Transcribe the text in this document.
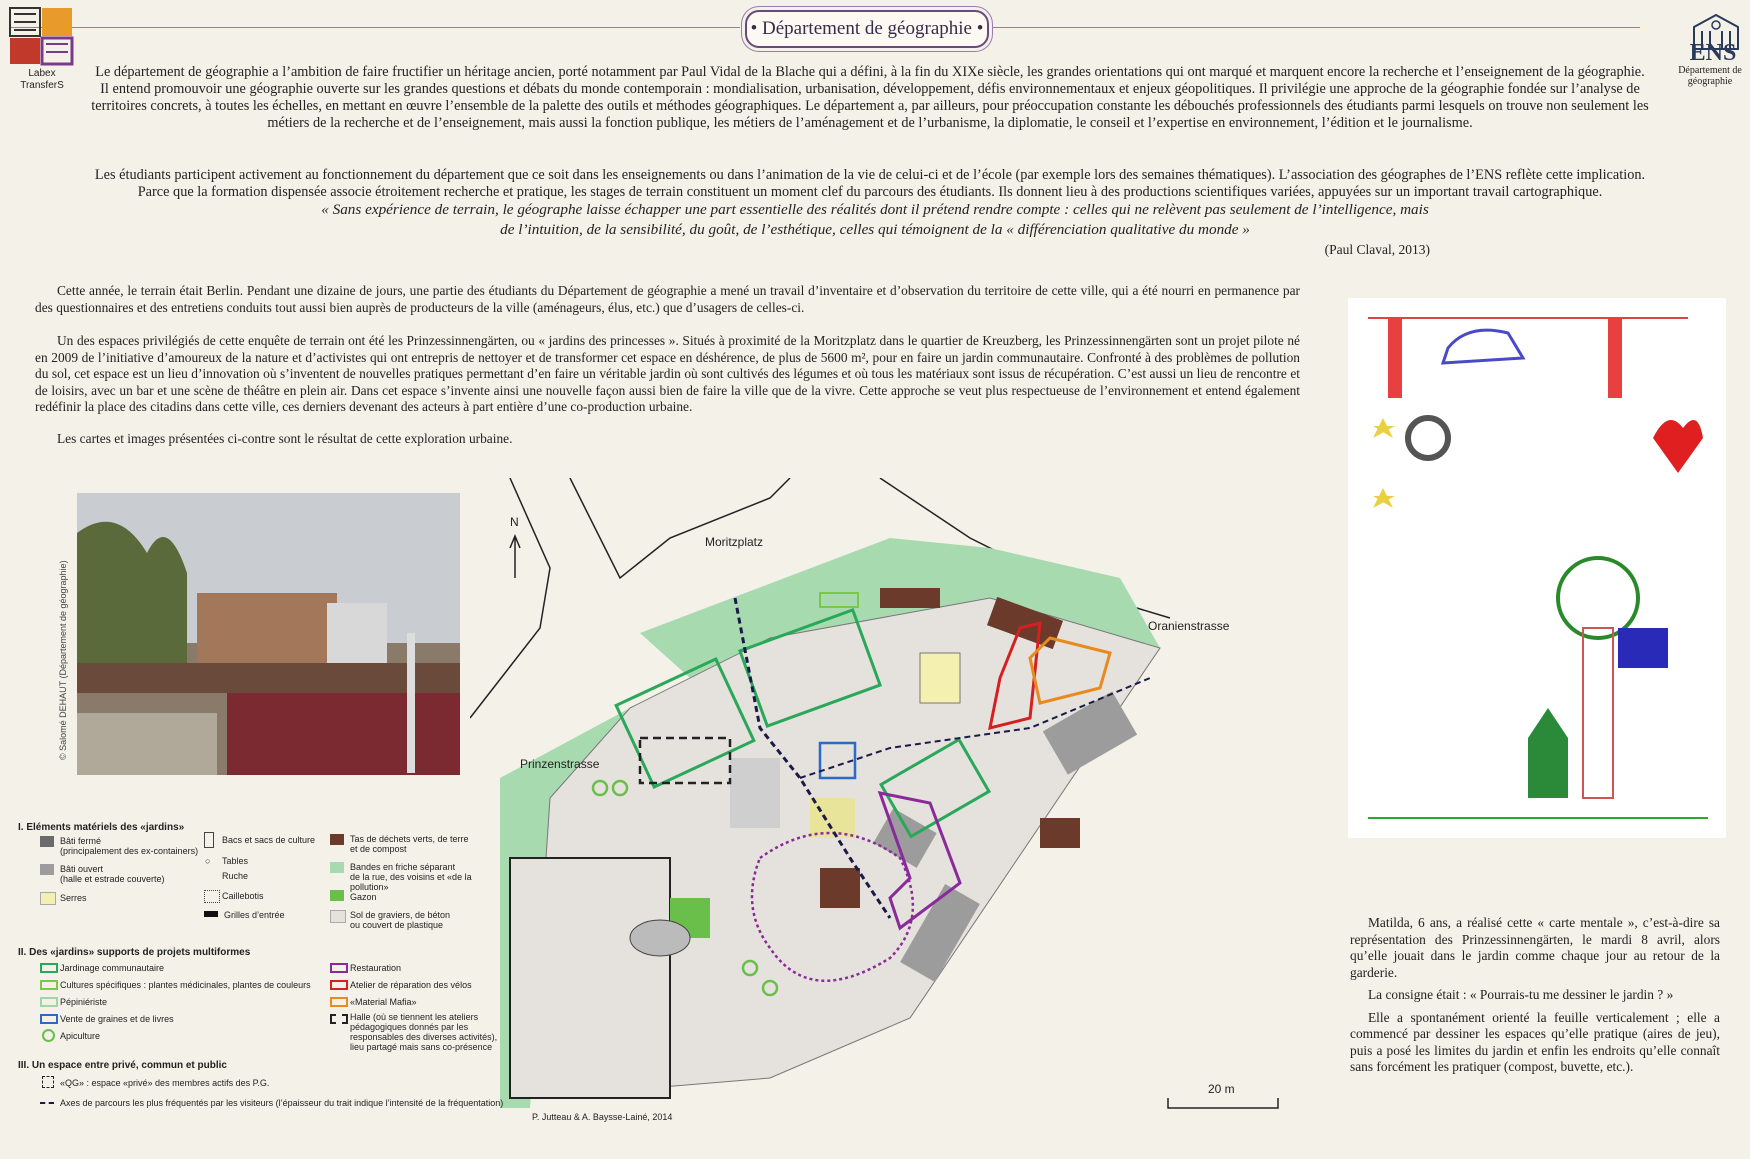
• Département de géographie •
Labex
TransferS
ENS
Département de
géographie

Le département de géographie a l’ambition de faire fructifier un héritage ancien, porté notamment par Paul Vidal de la Blache qui a défini, à la fin du XIXe siècle, les grandes orientations qui ont marqué et marquent encore la recherche et l’enseignement de la géographie. Il entend promouvoir une géographie ouverte sur les grandes questions et débats du monde contemporain : mondialisation, urbanisation, développement, défis environnementaux et enjeux géopolitiques. Il privilégie une approche de la géographie fondée sur l’analyse de territoires concrets, à toutes les échelles, en mettant en œuvre l’ensemble de la palette des outils et méthodes géographiques. Le département a, par ailleurs, pour préoccupation constante les débouchés professionnels des étudiants parmi lesquels on trouve non seulement les métiers de la recherche et de l’enseignement, mais aussi la fonction publique, les métiers de l’aménagement et de l’urbanisme, la diplomatie, le conseil et l’expertise en environnement, l’édition et le journalisme.

Les étudiants participent activement au fonctionnement du département que ce soit dans les enseignements ou dans l’animation de la vie de celui-ci et de l’école (par exemple lors des semaines thématiques). L’association des géographes de l’ENS reflète cette implication. Parce que la formation dispensée associe étroitement recherche et pratique, les stages de terrain constituent un moment clef du parcours des étudiants. Ils donnent lieu à des productions scientifiques variées, appuyées sur un important travail cartographique.

« Sans expérience de terrain, le géographe laisse échapper une part essentielle des réalités dont il prétend rendre compte : celles qui ne relèvent pas seulement de l’intelligence, mais de l’intuition, de la sensibilité, du goût, de l’esthétique, celles qui témoignent de la « différenciation qualitative du monde »
(Paul Claval, 2013)

Cette année, le terrain était Berlin. Pendant une dizaine de jours, une partie des étudiants du Département de géographie a mené un travail d’inventaire et d’observation du territoire de cette ville, qui a été nourri en permanence par des questionnaires et des entretiens conduits tout aussi bien auprès de producteurs de la ville (aménageurs, élus, etc.) que d’usagers de celles-ci.

Un des espaces privilégiés de cette enquête de terrain ont été les Prinzessinnengärten, ou « jardins des princesses ». Situés à proximité de la Moritzplatz dans le quartier de Kreuzberg, les Prinzessinnengärten sont un projet pilote né en 2009 de l’initiative d’amoureux de la nature et d’activistes qui ont entrepris de nettoyer et de transformer cet espace en déshérence, de plus de 5600 m², pour en faire un jardin communautaire. Confronté à des problèmes de pollution du sol, cet espace est un lieu d’innovation où s’inventent de nouvelles pratiques permettant d’en faire un véritable jardin où sont cultivés des légumes et où tous les matériaux sont issus de récupération. C’est aussi un lieu de rencontre et de loisirs, avec un bar et une scène de théâtre en plein air. Dans cet espace s’invente ainsi une nouvelle façon aussi bien de faire la ville que de la vivre. Cette approche se veut plus respectueuse de l’environnement et entend également redéfinir la place des citadins dans cette ville, ces derniers devenant des acteurs à part entière d’une co-production urbaine.

Les cartes et images présentées ci-contre sont le résultat de cette exploration urbaine.

© Salomé DEHAUT (Département de géographie)
N
Moritzplatz
Oranienstrasse
Prinzenstrasse
20 m
P. Jutteau & A. Baysse-Lainé, 2014

Matilda, 6 ans, a réalisé cette « carte mentale », c’est-à-dire sa représentation des Prinzessinnengärten, le mardi 8 avril, alors qu’elle jouait dans le jardin comme chaque jour au retour de la garderie.

La consigne était : « Pourrais-tu me dessiner le jardin ? »

Elle a spontanément orienté la feuille verticalement ; elle a commencé par dessiner les espaces qu’elle pratique (aires de jeu), puis a posé les limites du jardin et enfin les endroits qu’elle connaît sans forcément les pratiquer (compost, buvette, etc.).

I. Eléments matériels des «jardins»
Bâti fermé
(principalement des ex-containers)
Bâti ouvert
(halle et estrade couverte)
Serres
Bacs et sacs de culture
○ Tables
Ruche
Caillebotis
Grilles d’entrée
Tas de déchets verts, de terre
et de compost
Bandes en friche séparant
de la rue, des voisins et «de la pollution»
Gazon
Sol de graviers, de béton
ou couvert de plastique
II. Des «jardins» supports de projets multiformes
Jardinage communautaire
Cultures spécifiques : plantes médicinales, plantes de couleurs
Pépiniériste
Vente de graines et de livres
Apiculture
Restauration
Atelier de réparation des vélos
«Material Mafia»
Halle (où se tiennent les ateliers
pédagogiques donnés par les
responsables des diverses activités),
lieu partagé mais sans co-présence
III. Un espace entre privé, commun et public
«QG» : espace «privé» des membres actifs des P.G.
Axes de parcours les plus fréquentés par les visiteurs (l’épaisseur du trait indique l’intensité de la fréquentation)
